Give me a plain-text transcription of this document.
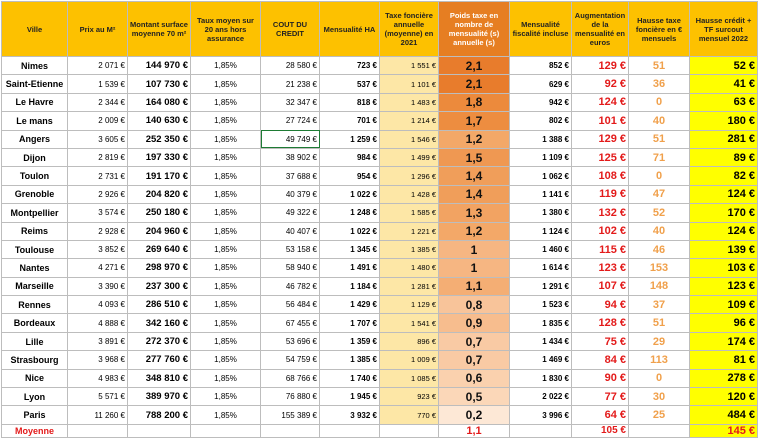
Ville	Prix au M²	Montant surface moyenne 70 m²	Taux moyen sur 20 ans hors assurance	COUT DU CREDIT	Mensualité HA	Taxe foncière annuelle (moyenne) en 2021	Poids taxe en nombre de mensualité (s) annuelle (s)	Mensualité fiscalité incluse	Augmentation de la mensualité en euros	Hausse taxe foncière en € mensuels	Hausse crédit + TF surcout mensuel 2022
Nimes	2 071 €	144 970 €	1,85%	28 580 €	723 €	1 551 €	2,1	852 €	129 €	51	52 €
Saint-Etienne	1 539 €	107 730 €	1,85%	21 238 €	537 €	1 101 €	2,1	629 €	92 €	36	41 €
Le Havre	2 344 €	164 080 €	1,85%	32 347 €	818 €	1 483 €	1,8	942 €	124 €	0	63 €
Le mans	2 009 €	140 630 €	1,85%	27 724 €	701 €	1 214 €	1,7	802 €	101 €	40	180 €
Angers	3 605 €	252 350 €	1,85%	49 749 €	1 259 €	1 546 €	1,2	1 388 €	129 €	51	281 €
Dijon	2 819 €	197 330 €	1,85%	38 902 €	984 €	1 499 €	1,5	1 109 €	125 €	71	89 €
Toulon	2 731 €	191 170 €	1,85%	37 688 €	954 €	1 296 €	1,4	1 062 €	108 €	0	82 €
Grenoble	2 926 €	204 820 €	1,85%	40 379 €	1 022 €	1 428 €	1,4	1 141 €	119 €	47	124 €
Montpellier	3 574 €	250 180 €	1,85%	49 322 €	1 248 €	1 585 €	1,3	1 380 €	132 €	52	170 €
Reims	2 928 €	204 960 €	1,85%	40 407 €	1 022 €	1 221 €	1,2	1 124 €	102 €	40	124 €
Toulouse	3 852 €	269 640 €	1,85%	53 158 €	1 345 €	1 385 €	1	1 460 €	115 €	46	139 €
Nantes	4 271 €	298 970 €	1,85%	58 940 €	1 491 €	1 480 €	1	1 614 €	123 €	153	103 €
Marseille	3 390 €	237 300 €	1,85%	46 782 €	1 184 €	1 281 €	1,1	1 291 €	107 €	148	123 €
Rennes	4 093 €	286 510 €	1,85%	56 484 €	1 429 €	1 129 €	0,8	1 523 €	94 €	37	109 €
Bordeaux	4 888 €	342 160 €	1,85%	67 455 €	1 707 €	1 541 €	0,9	1 835 €	128 €	51	96 €
Lille	3 891 €	272 370 €	1,85%	53 696 €	1 359 €	896 €	0,7	1 434 €	75 €	29	174 €
Strasbourg	3 968 €	277 760 €	1,85%	54 759 €	1 385 €	1 009 €	0,7	1 469 €	84 €	113	81 €
Nice	4 983 €	348 810 €	1,85%	68 766 €	1 740 €	1 085 €	0,6	1 830 €	90 €	0	278 €
Lyon	5 571 €	389 970 €	1,85%	76 880 €	1 945 €	923 €	0,5	2 022 €	77 €	30	120 €
Paris	11 260 €	788 200 €	1,85%	155 389 €	3 932 €	770 €	0,2	3 996 €	64 €	25	484 €
Moyenne							1,1		105 €		145 €
